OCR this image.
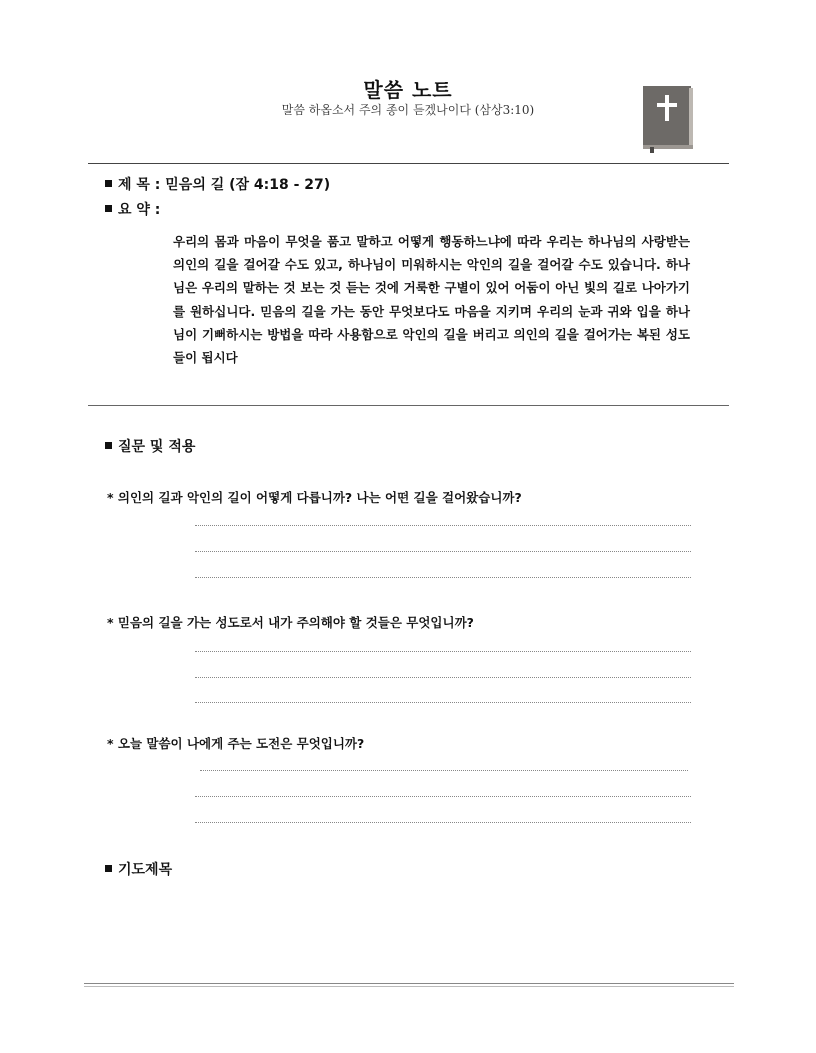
말씀 노트
말씀 하옵소서 주의 종이 듣겠나이다 (삼상3:10)
제 목 : 믿음의 길 (잠 4:18 - 27)
요 약 :

우리의 몸과 마음이 무엇을 품고 말하고 어떻게 행동하느냐에 따라 우리는 하나님의 사랑받는 의인의 길을 걸어갈 수도 있고, 하나님이 미워하시는 악인의 길을 걸어갈 수도 있습니다. 하나님은 우리의 말하는 것 보는 것 듣는 것에 거룩한 구별이 있어 어둠이 아닌 빛의 길로 나아가기를 원하십니다. 믿음의 길을 가는 동안 무엇보다도 마음을 지키며 우리의 눈과 귀와 입을 하나님이 기뻐하시는 방법을 따라 사용함으로 악인의 길을 버리고 의인의 길을 걸어가는 복된 성도들이 됩시다

질문 및 적용
* 의인의 길과 악인의 길이 어떻게 다릅니까? 나는 어떤 길을 걸어왔습니까?
* 믿음의 길을 가는 성도로서 내가 주의해야 할 것들은 무엇입니까?
* 오늘 말씀이 나에게 주는 도전은 무엇입니까?
기도제목
